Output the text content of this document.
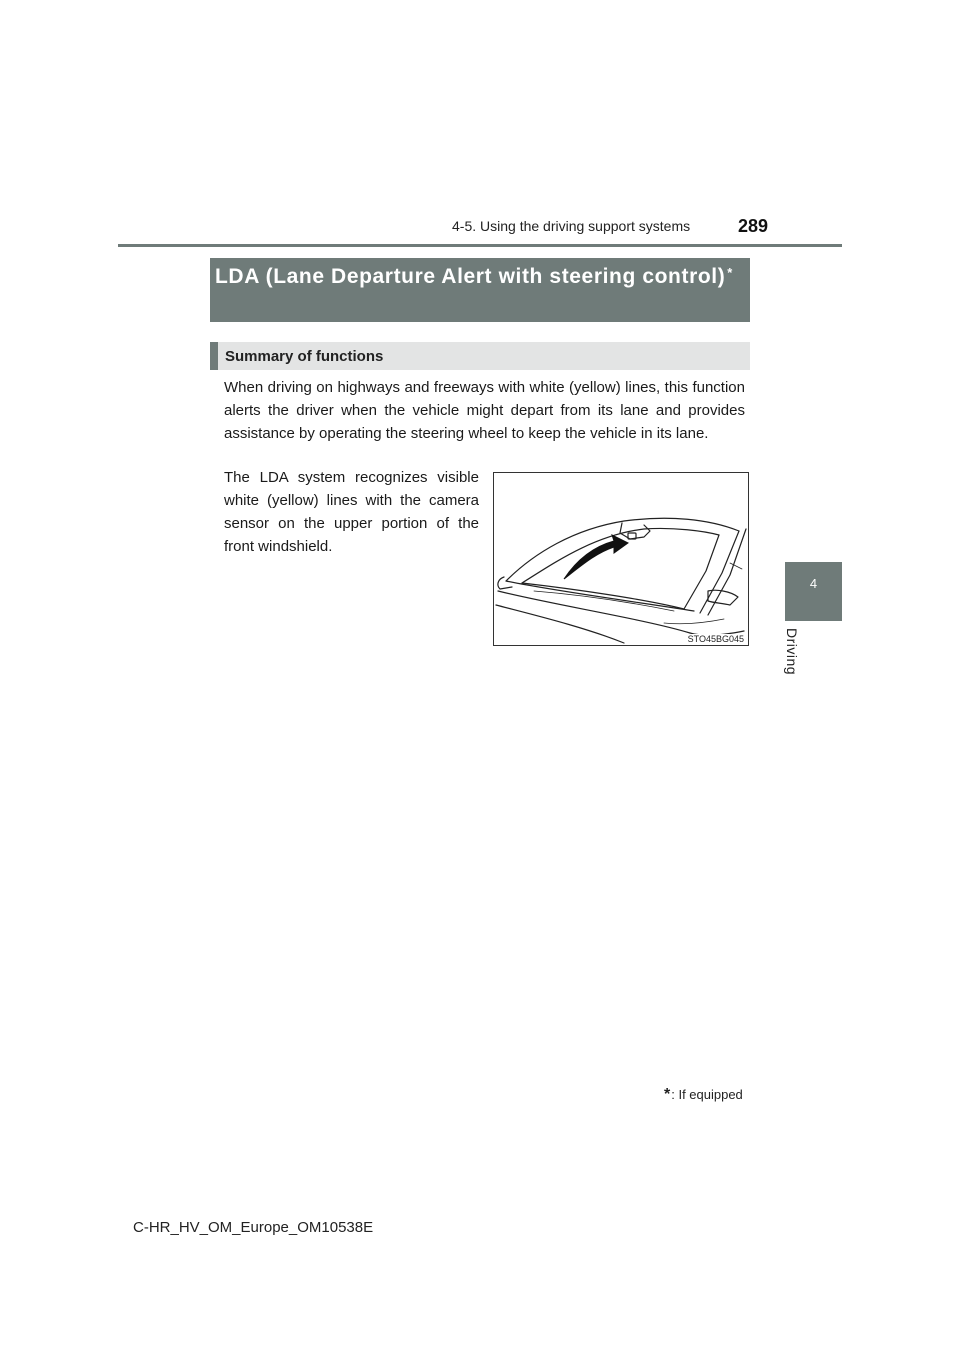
4-5. Using the driving support systems	289
4
Driving
LDA (Lane Departure Alert with steering control) *
Summary of functions

When driving on highways and freeways with white (yellow) lines, this function alerts the driver when the vehicle might depart from its lane and provides assistance by operating the steering wheel to keep the vehicle in its lane.

The LDA system recognizes visible white (yellow) lines with the camera sensor on the upper portion of the front windshield.

STO45BG045
*: If equipped
C-HR_HV_OM_Europe_OM10538E
